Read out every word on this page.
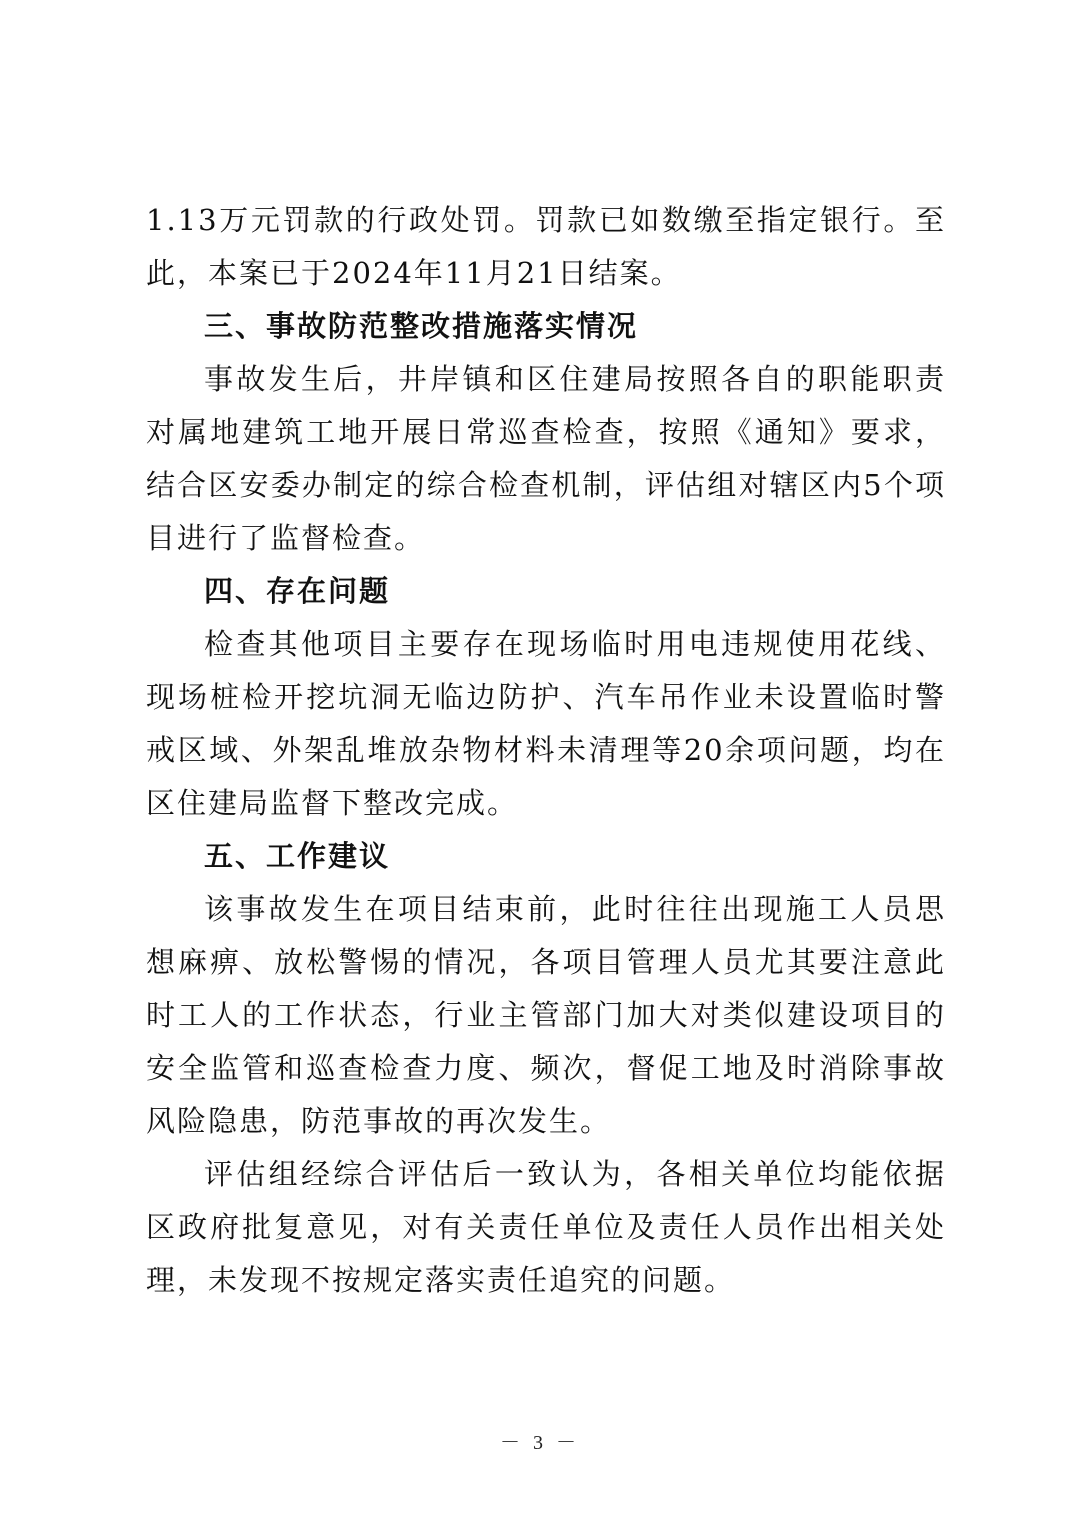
1.13万元罚款的行政处罚。罚款已如数缴至指定银行。至此，本案已于2024年11月21日结案。

三、事故防范整改措施落实情况

事故发生后，井岸镇和区住建局按照各自的职能职责对属地建筑工地开展日常巡查检查，按照《通知》要求，结合区安委办制定的综合检查机制，评估组对辖区内5个项目进行了监督检查。

四、存在问题

检查其他项目主要存在现场临时用电违规使用花线、现场桩检开挖坑洞无临边防护、汽车吊作业未设置临时警戒区域、外架乱堆放杂物材料未清理等20余项问题，均在区住建局监督下整改完成。

五、工作建议

该事故发生在项目结束前，此时往往出现施工人员思想麻痹、放松警惕的情况，各项目管理人员尤其要注意此时工人的工作状态，行业主管部门加大对类似建设项目的安全监管和巡查检查力度、频次，督促工地及时消除事故风险隐患，防范事故的再次发生。

评估组经综合评估后一致认为，各相关单位均能依据区政府批复意见，对有关责任单位及责任人员作出相关处理，未发现不按规定落实责任追究的问题。

－ 3 －
